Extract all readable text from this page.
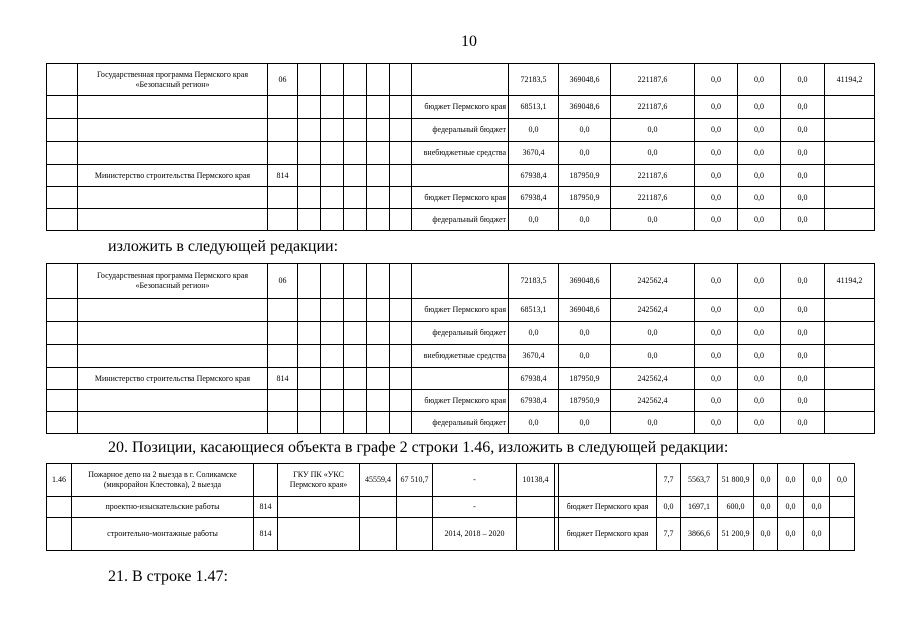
10
	Государственная программа Пермского края «Безопасный регион»	06							72183,5	369048,6	221187,6	0,0	0,0	0,0	41194,2
								бюджет Пермского края	68513,1	369048,6	221187,6	0,0	0,0	0,0	
								федеральный бюджет	0,0	0,0	0,0	0,0	0,0	0,0	
								внебюджетные средства	3670,4	0,0	0,0	0,0	0,0	0,0	
	Министерство строительства Пермского края	814							67938,4	187950,9	221187,6	0,0	0,0	0,0	
								бюджет Пермского края	67938,4	187950,9	221187,6	0,0	0,0	0,0	
								федеральный бюджет	0,0	0,0	0,0	0,0	0,0	0,0	
изложить в следующей редакции:
	Государственная программа Пермского края «Безопасный регион»	06							72183,5	369048,6	242562,4	0,0	0,0	0,0	41194,2
								бюджет Пермского края	68513,1	369048,6	242562,4	0,0	0,0	0,0	
								федеральный бюджет	0,0	0,0	0,0	0,0	0,0	0,0	
								внебюджетные средства	3670,4	0,0	0,0	0,0	0,0	0,0	
	Министерство строительства Пермского края	814							67938,4	187950,9	242562,4	0,0	0,0	0,0	
								бюджет Пермского края	67938,4	187950,9	242562,4	0,0	0,0	0,0	
								федеральный бюджет	0,0	0,0	0,0	0,0	0,0	0,0	
20. Позиции, касающиеся объекта в графе 2 строки 1.46, изложить в следующей редакции:
1.46	Пожарное депо на 2 выезда в г. Соликамске (микрорайон Клестовка), 2 выезда		ГКУ ПК «УКС Пермского края»	45559,4	67 510,7	-	10138,4			7,7	5563,7	51 800,9	0,0	0,0	0,0	0,0
	проектно-изыскательские работы	814				-			бюджет Пермского края	0,0	1697,1	600,0	0,0	0,0	0,0	
	строительно-монтажные работы	814				2014, 2018 – 2020			бюджет Пермского края	7,7	3866,6	51 200,9	0,0	0,0	0,0	
21. В строке 1.47:
